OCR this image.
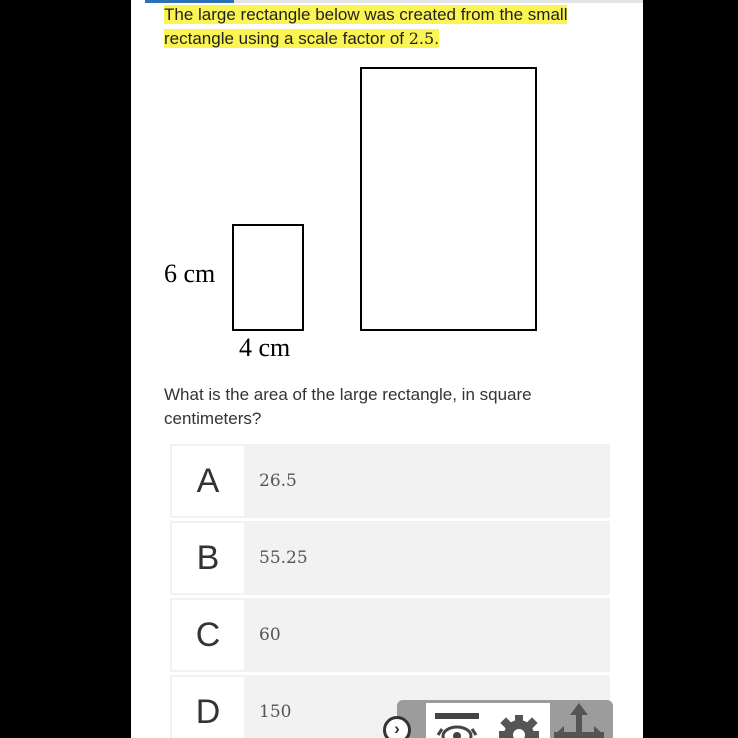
The large rectangle below was created from the small rectangle using a scale factor of 2.5.
6 cm
4 cm
What is the area of the large rectangle, in square centimeters?
A	26.5
B	55.25
C	60
D	150
›
